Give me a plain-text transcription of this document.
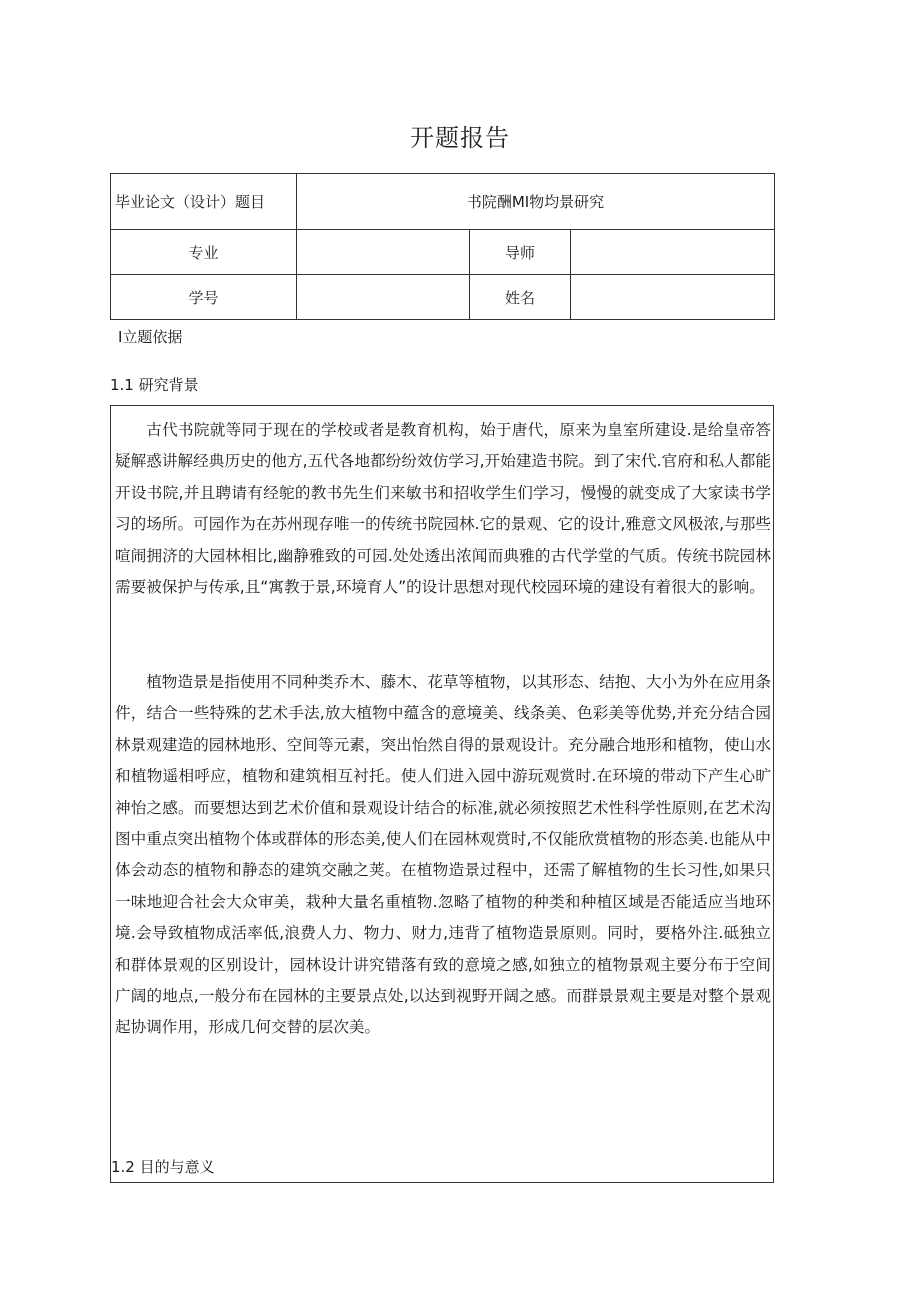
开题报告
毕业论文（设计）题目	书院酬MI物均景研究		
专业		导师	
学号		姓名	
I立题依据
1.1 研究背景

古代书院就等同于现在的学校或者是教育机构，始于唐代，原来为皇室所建设.是给皇帝答疑解惑讲解经典历史的他方,五代各地都纷纷效仿学习,开始建造书院。到了宋代.官府和私人都能开设书院,并且聘请有经鸵的教书先生们来敏书和招收学生们学习，慢慢的就变成了大家读书学习的场所。可园作为在苏州现存唯一的传统书院园林.它的景观、它的设计,雅意文风极浓,与那些喧闹拥济的大园林相比,幽静雅致的可园.处处透出浓闻而典雅的古代学堂的气质。传统书院园林需要被保护与传承,且“寓教于景,环境育人”的设计思想对现代校园环境的建设有着很大的影响。

植物造景是指使用不同种类乔木、藤木、花草等植物，以其形态、结抱、大小为外在应用条件，结合一些特殊的艺术手法,放大植物中蕴含的意境美、线条美、色彩美等优势,并充分结合园林景观建造的园林地形、空间等元素，突出怡然自得的景观设计。充分融合地形和植物，使山水和植物遥相呼应，植物和建筑相互衬托。使人们进入园中游玩观赏时.在环境的带动下产生心旷神怡之感。而要想达到艺术价值和景观设计结合的标准,就必须按照艺术性科学性原则,在艺术沟图中重点突出植物个体或群体的形态美,使人们在园林观赏时,不仅能欣赏植物的形态美.也能从中体会动态的植物和静态的建筑交融之荚。在植物造景过程中，还需了解植物的生长习性,如果只一味地迎合社会大众审美，栽种大量名重植物.忽略了植物的种类和种植区域是否能适应当地环境.会导致植物成活率低,浪费人力、物力、财力,违背了植物造景原则。同时，要格外注.砥独立和群体景观的区别设计，园林设计讲究错落有致的意境之感,如独立的植物景观主要分布于空间广阔的地点,一般分布在园林的主要景点处,以达到视野开阔之感。而群景景观主要是对整个景观起协调作用，形成几何交替的层次美。

1.2 目的与意义
